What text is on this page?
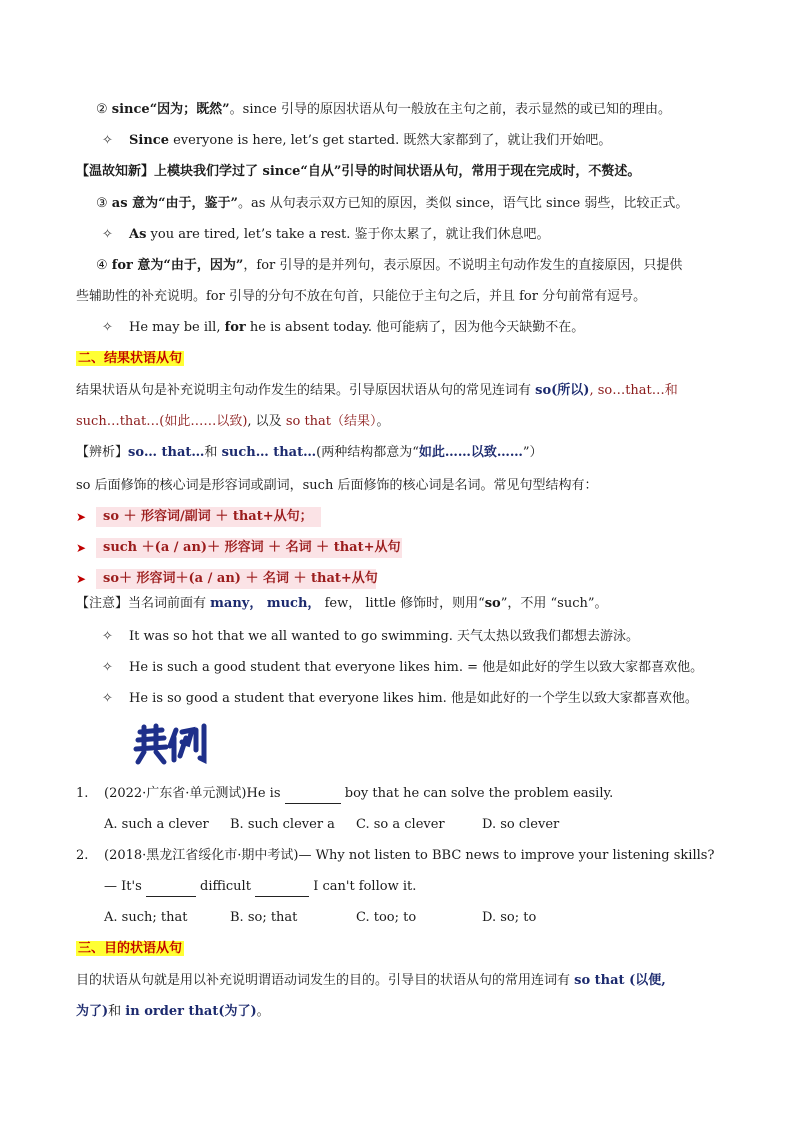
② since“因为；既然”。since 引导的原因状语从句一般放在主句之前，表示显然的或已知的理由。
✧ Since everyone is here, let’s get started. 既然大家都到了，就让我们开始吧。
【温故知新】上模块我们学过了 since“自从”引导的时间状语从句，常用于现在完成时，不赘述。
③ as 意为“由于，鉴于”。as 从句表示双方已知的原因，类似 since，语气比 since 弱些，比较正式。
✧ As you are tired, let’s take a rest. 鉴于你太累了，就让我们休息吧。
④ for 意为“由于，因为”，for 引导的是并列句，表示原因。不说明主句动作发生的直接原因，只提供
些辅助性的补充说明。for 引导的分句不放在句首，只能位于主句之后，并且 for 分句前常有逗号。
✧ He may be ill, for he is absent today. 他可能病了，因为他今天缺勤不在。
二、结果状语从句
结果状语从句是补充说明主句动作发生的结果。引导原因状语从句的常见连词有 so(所以), so…that…和
such…that…(如此……以致), 以及 so that（结果）。
【辨析】so… that…和 such… that…(两种结构都意为“如此……以致……”）
so 后面修饰的核心词是形容词或副词，such 后面修饰的核心词是名词。常见句型结构有：
➤ so ＋ 形容词/副词 ＋ that+从句；
➤ such ＋(a / an)＋ 形容词 ＋ 名词 ＋ that+从句
➤ so＋ 形容词＋(a / an) ＋ 名词 ＋ that+从句
【注意】当名词前面有 many， much， few， little 修饰时，则用“so”，不用 “such”。
✧ It was so hot that we all wanted to go swimming. 天气太热以致我们都想去游泳。
✧ He is such a good student that everyone likes him. = 他是如此好的学生以致大家都喜欢他。
✧ He is so good a student that everyone likes him. 他是如此好的一个学生以致大家都喜欢他。
1. (2022·广东省·单元测试)He is	boy that he can solve the problem easily.
A. such a clever B. such clever a C. so a clever	D. so clever
2. (2018·黑龙江省绥化市·期中考试)— Why not listen to BBC news to improve your listening skills?
— It's	difficult	I can't follow it.
A. such; that	B. so; that	C. too; to	D. so; to
三、目的状语从句
目的状语从句就是用以补充说明谓语动词发生的目的。引导目的状语从句的常用连词有 so that (以便,
为了)和 in order that(为了)。
